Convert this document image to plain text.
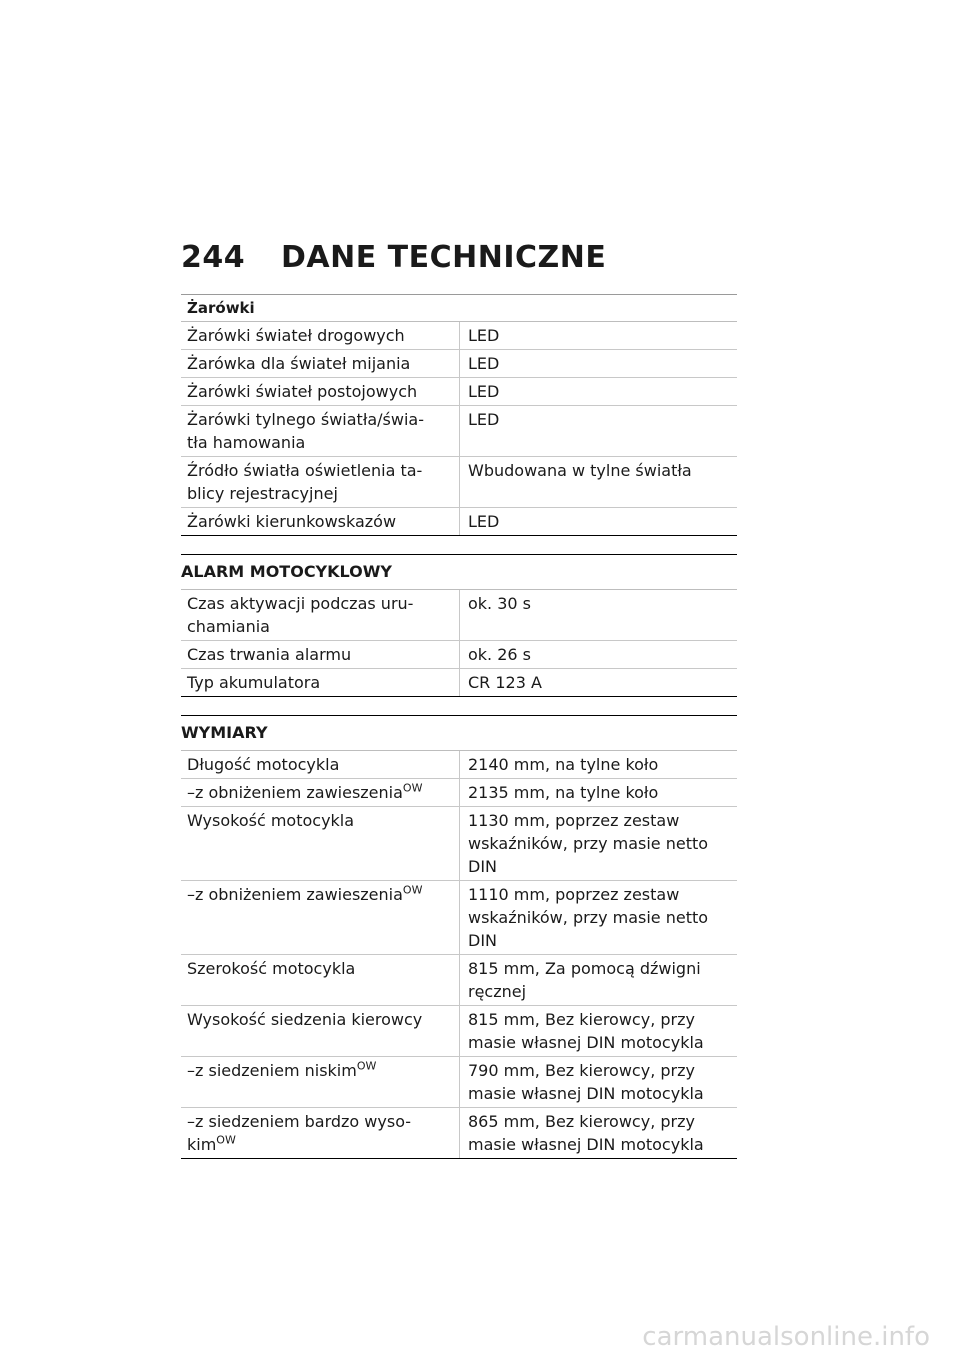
244 DANE TECHNICZNE
Żarówki
Żarówki świateł drogowych	LED
Żarówka dla świateł mijania	LED
Żarówki świateł postojowych	LED
Żarówki tylnego światła/świa-
tła hamowania	LED
Źródło światła oświetlenia ta-
blicy rejestracyjnej	Wbudowana w tylne światła
Żarówki kierunkowskazów	LED
ALARM MOTOCYKLOWY
Czas aktywacji podczas uru-
chamiania	ok. 30 s
Czas trwania alarmu	ok. 26 s
Typ akumulatora	CR 123 A
WYMIARY
Długość motocykla	2140 mm, na tylne koło
–z obniżeniem zawieszenia$^{OW}$	2135 mm, na tylne koło
Wysokość motocykla	1130 mm, poprzez zestaw
wskaźników, przy masie netto
DIN
–z obniżeniem zawieszenia$^{OW}$	1110 mm, poprzez zestaw
wskaźników, przy masie netto
DIN
Szerokość motocykla	815 mm, Za pomocą dźwigni
ręcznej
Wysokość siedzenia kierowcy	815 mm, Bez kierowcy, przy
masie własnej DIN motocykla
–z siedzeniem niskim$^{OW}$	790 mm, Bez kierowcy, przy
masie własnej DIN motocykla
–z siedzeniem bardzo wyso-
kim$^{OW}$	865 mm, Bez kierowcy, przy
masie własnej DIN motocykla
carmanualsonline.info
